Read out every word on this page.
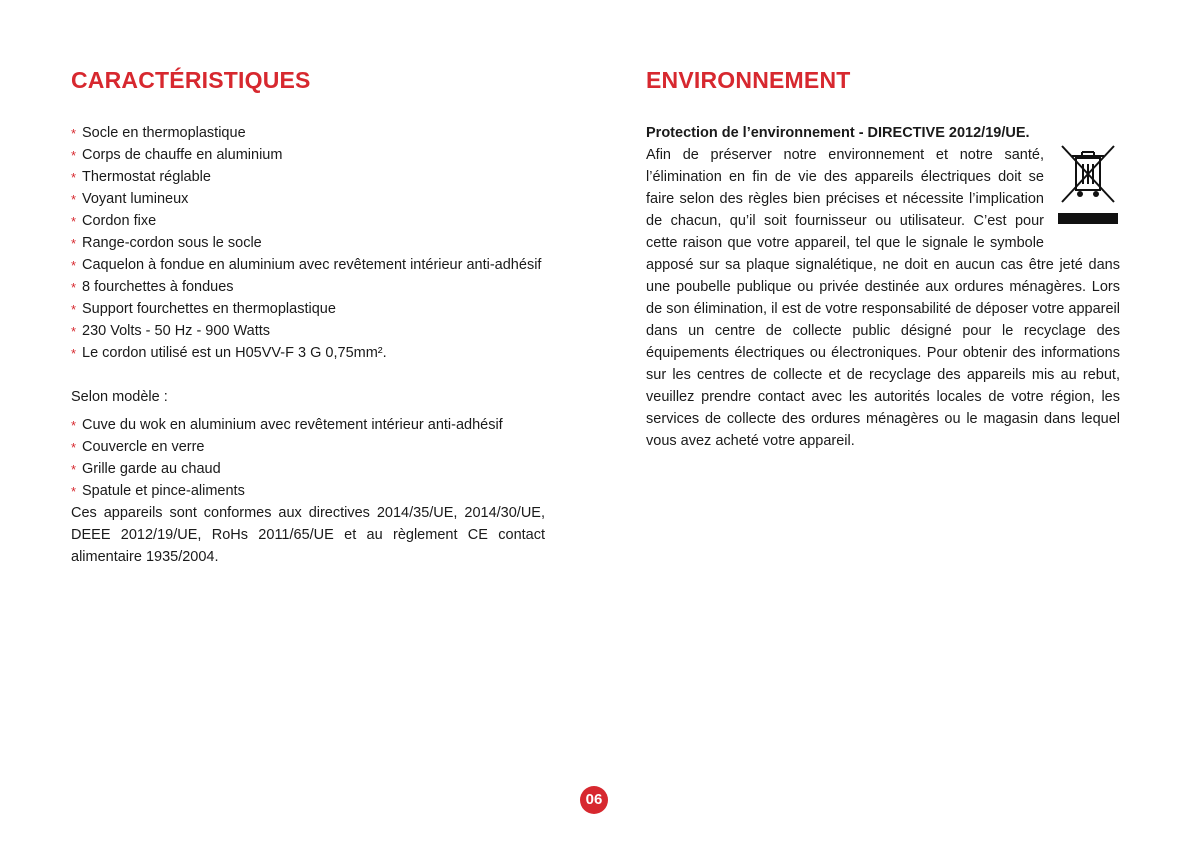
CARACTÉRISTIQUES
* Socle en thermoplastique
* Corps de chauffe en aluminium
* Thermostat réglable
* Voyant lumineux
* Cordon fixe
* Range-cordon sous le socle
* Caquelon à fondue en aluminium avec revêtement intérieur anti-adhésif
* 8 fourchettes à fondues
* Support fourchettes en thermoplastique
* 230 Volts - 50 Hz - 900 Watts
* Le cordon utilisé est un H05VV-F 3 G 0,75mm².

Selon modèle :

* Cuve du wok en aluminium avec revêtement intérieur anti-adhésif
* Couvercle en verre
* Grille garde au chaud
* Spatule et pince-aliments

Ces appareils sont conformes aux directives 2014/35/UE, 2014/30/UE, DEEE 2012/19/UE, RoHs 2011/65/UE et au règlement CE contact alimentaire 1935/2004.

ENVIRONNEMENT
Protection de l’environnement - DIRECTIVE 2012/19/UE.

Afin de préserver notre environnement et notre santé, l’élimination en fin de vie des appareils électriques doit se faire selon des règles bien précises et nécessite l’implication de chacun, qu’il soit fournisseur ou utilisateur. C’est pour cette raison que votre appareil, tel que le signale le symbole apposé sur sa plaque signalétique, ne doit en aucun cas être jeté dans une poubelle publique ou privée destinée aux ordures ménagères. Lors de son élimination, il est de votre responsabilité de déposer votre appareil dans un centre de collecte public désigné pour le recyclage des équipements électriques ou électroniques. Pour obtenir des informations sur les centres de collecte et de recyclage des appareils mis au rebut, veuillez prendre contact avec les autorités locales de votre région, les services de collecte des ordures ménagères ou le magasin dans lequel vous avez acheté votre appareil.

06
